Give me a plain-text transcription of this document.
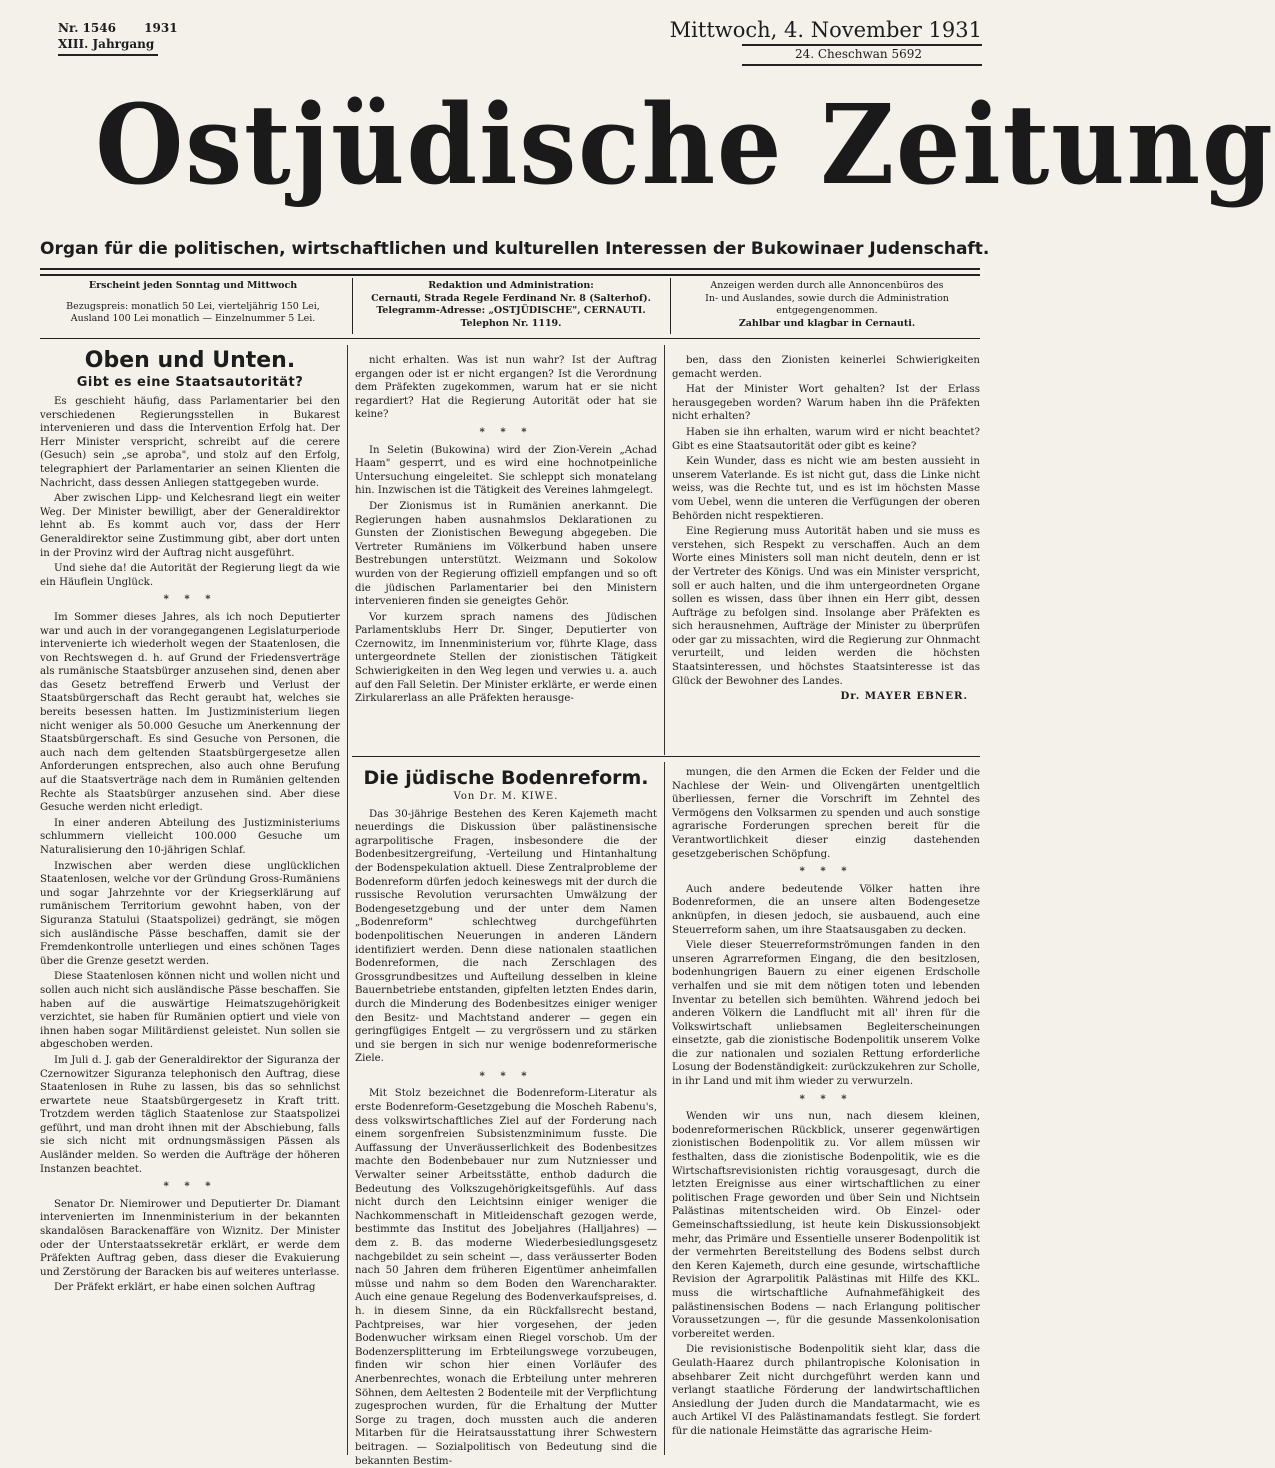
Nr. 1546 1931
XIII. Jahrgang
Mittwoch, 4. November 1931
24. Cheschwan 5692
Ostjüdische Zeitung
Organ für die politischen, wirtschaftlichen und kulturellen Interessen der Bukowinaer Judenschaft.
Erscheint jeden Sonntag und Mittwoch
Bezugspreis: monatlich 50 Lei, vierteljährig 150 Lei,
Ausland 100 Lei monatlich — Einzelnummer 5 Lei.
Redaktion und Administration:
Cernauti, Strada Regele Ferdinand Nr. 8 (Salterhof).
Telegramm-Adresse: „OSTJÜDISCHE", CERNAUTI.
Telephon Nr. 1119.
Anzeigen werden durch alle Annoncenbüros des
In- und Auslandes, sowie durch die Administration
entgegengenommen.
Zahlbar und klagbar in Cernauti.
Oben und Unten.
Gibt es eine Staatsautorität?

Es geschieht häufig, dass Parlamentarier bei den verschiedenen Regierungsstellen in Bukarest intervenieren und dass die Intervention Erfolg hat. Der Herr Minister verspricht, schreibt auf die cerere (Gesuch) sein „se aproba", und stolz auf den Erfolg, telegraphiert der Parlamentarier an seinen Klienten die Nachricht, dass dessen Anliegen stattgegeben wurde.

Aber zwischen Lipp- und Kelchesrand liegt ein weiter Weg. Der Minister bewilligt, aber der Generaldirektor lehnt ab. Es kommt auch vor, dass der Herr Generaldirektor seine Zustimmung gibt, aber dort unten in der Provinz wird der Auftrag nicht ausgeführt.

Und siehe da! die Autorität der Regierung liegt da wie ein Häuflein Unglück.

* * *

Im Sommer dieses Jahres, als ich noch Deputierter war und auch in der vorangegangenen Legislaturperiode intervenierte ich wiederholt wegen der Staatenlosen, die von Rechtswegen d. h. auf Grund der Friedensverträge als rumänische Staatsbürger anzusehen sind, denen aber das Gesetz betreffend Erwerb und Verlust der Staatsbürgerschaft das Recht geraubt hat, welches sie bereits besessen hatten. Im Justizministerium liegen nicht weniger als 50.000 Gesuche um Anerkennung der Staatsbürgerschaft. Es sind Gesuche von Personen, die auch nach dem geltenden Staatsbürgergesetze allen Anforderungen entsprechen, also auch ohne Berufung auf die Staatsverträge nach dem in Rumänien geltenden Rechte als Staatsbürger anzusehen sind. Aber diese Gesuche werden nicht erledigt.

In einer anderen Abteilung des Justizministeriums schlummern vielleicht 100.000 Gesuche um Naturalisierung den 10-jährigen Schlaf.

Inzwischen aber werden diese unglücklichen Staatenlosen, welche vor der Gründung Gross-Rumäniens und sogar Jahrzehnte vor der Kriegserklärung auf rumänischem Territorium gewohnt haben, von der Siguranza Statului (Staatspolizei) gedrängt, sie mögen sich ausländische Pässe beschaffen, damit sie der Fremdenkontrolle unterliegen und eines schönen Tages über die Grenze gesetzt werden.

Diese Staatenlosen können nicht und wollen nicht und sollen auch nicht sich ausländische Pässe beschaffen. Sie haben auf die auswärtige Heimatszugehörigkeit verzichtet, sie haben für Rumänien optiert und viele von ihnen haben sogar Militärdienst geleistet. Nun sollen sie abgeschoben werden.

Im Juli d. J. gab der Generaldirektor der Siguranza der Czernowitzer Siguranza telephonisch den Auftrag, diese Staatenlosen in Ruhe zu lassen, bis das so sehnlichst erwartete neue Staatsbürgergesetz in Kraft tritt. Trotzdem werden täglich Staatenlose zur Staatspolizei geführt, und man droht ihnen mit der Abschiebung, falls sie sich nicht mit ordnungsmässigen Pässen als Ausländer melden. So werden die Aufträge der höheren Instanzen beachtet.

* * *

Senator Dr. Niemirower und Deputierter Dr. Diamant intervenierten im Innenministerium in der bekannten skandalösen Barackenaffäre von Wiznitz. Der Minister oder der Unterstaatssekretär erklärt, er werde dem Präfekten Auftrag geben, dass dieser die Evakuierung und Zerstörung der Baracken bis auf weiteres unterlasse.

Der Präfekt erklärt, er habe einen solchen Auftrag

nicht erhalten. Was ist nun wahr? Ist der Auftrag ergangen oder ist er nicht ergangen? Ist die Verordnung dem Präfekten zugekommen, warum hat er sie nicht regardiert? Hat die Regierung Autorität oder hat sie keine?

* * *

In Seletin (Bukowina) wird der Zion-Verein „Achad Haam" gesperrt, und es wird eine hochnotpeinliche Untersuchung eingeleitet. Sie schleppt sich monatelang hin. Inzwischen ist die Tätigkeit des Vereines lahmgelegt.

Der Zionismus ist in Rumänien anerkannt. Die Regierungen haben ausnahmslos Deklarationen zu Gunsten der Zionistischen Bewegung abgegeben. Die Vertreter Rumäniens im Völkerbund haben unsere Bestrebungen unterstützt. Weizmann und Sokolow wurden von der Regierung offiziell empfangen und so oft die jüdischen Parlamentarier bei den Ministern intervenieren finden sie geneigtes Gehör.

Vor kurzem sprach namens des Jüdischen Parlamentsklubs Herr Dr. Singer, Deputierter von Czernowitz, im Innenministerium vor, führte Klage, dass untergeordnete Stellen der zionistischen Tätigkeit Schwierigkeiten in den Weg legen und verwies u. a. auch auf den Fall Seletin. Der Minister erklärte, er werde einen Zirkularerlass an alle Präfekten herausge-

ben, dass den Zionisten keinerlei Schwierigkeiten gemacht werden.

Hat der Minister Wort gehalten? Ist der Erlass herausgegeben worden? Warum haben ihn die Präfekten nicht erhalten?

Haben sie ihn erhalten, warum wird er nicht beachtet? Gibt es eine Staatsautorität oder gibt es keine?

Kein Wunder, dass es nicht wie am besten aussieht in unserem Vaterlande. Es ist nicht gut, dass die Linke nicht weiss, was die Rechte tut, und es ist im höchsten Masse vom Uebel, wenn die unteren die Verfügungen der oberen Behörden nicht respektieren.

Eine Regierung muss Autorität haben und sie muss es verstehen, sich Respekt zu verschaffen. Auch an dem Worte eines Ministers soll man nicht deuteln, denn er ist der Vertreter des Königs. Und was ein Minister verspricht, soll er auch halten, und die ihm untergeordneten Organe sollen es wissen, dass über ihnen ein Herr gibt, dessen Aufträge zu befolgen sind. Insolange aber Präfekten es sich herausnehmen, Aufträge der Minister zu überprüfen oder gar zu missachten, wird die Regierung zur Ohnmacht verurteilt, und leiden werden die höchsten Staatsinteressen, und höchstes Staatsinteresse ist das Glück der Bewohner des Landes.

Dr. MAYER EBNER.

Die jüdische Bodenreform.
Von Dr. M. KIWE.

Das 30-jährige Bestehen des Keren Kajemeth macht neuerdings die Diskussion über palästinensische agrarpolitische Fragen, insbesondere die der Bodenbesitzergreifung, -Verteilung und Hintanhaltung der Bodenspekulation aktuell. Diese Zentralprobleme der Bodenreform dürfen jedoch keineswegs mit der durch die russische Revolution verursachten Umwälzung der Bodengesetzgebung und der unter dem Namen „Bodenreform" schlechtweg durchgeführten bodenpolitischen Neuerungen in anderen Ländern identifiziert werden. Denn diese nationalen staatlichen Bodenreformen, die nach Zerschlagen des Grossgrundbesitzes und Aufteilung desselben in kleine Bauernbetriebe entstanden, gipfelten letzten Endes darin, durch die Minderung des Bodenbesitzes einiger weniger den Besitz- und Machtstand anderer — gegen ein geringfügiges Entgelt — zu vergrössern und zu stärken und sie bergen in sich nur wenige bodenreformerische Ziele.

* * *

Mit Stolz bezeichnet die Bodenreform-Literatur als erste Bodenreform-Gesetzgebung die Moscheh Rabenu's, dess volkswirtschaftliches Ziel auf der Forderung nach einem sorgenfreien Subsistenzminimum fusste. Die Auffassung der Unveräusserlichkeit des Bodenbesitzes machte den Bodenbebauer nur zum Nutzniesser und Verwalter seiner Arbeitsstätte, enthob dadurch die Bedeutung des Volkszugehörigkeitsgefühls. Auf dass nicht durch den Leichtsinn einiger weniger die Nachkommenschaft in Mitleidenschaft gezogen werde, bestimmte das Institut des Jobeljahres (Halljahres) — dem z. B. das moderne Wiederbesiedlungsgesetz nachgebildet zu sein scheint —, dass veräusserter Boden nach 50 Jahren dem früheren Eigentümer anheimfallen müsse und nahm so dem Boden den Warencharakter. Auch eine genaue Regelung des Bodenverkaufspreises, d. h. in diesem Sinne, da ein Rückfallsrecht bestand, Pachtpreises, war hier vorgesehen, der jeden Bodenwucher wirksam einen Riegel vorschob. Um der Bodenzersplitterung im Erbteilungswege vorzubeugen, finden wir schon hier einen Vorläufer des Anerbenrechtes, wonach die Erbteilung unter mehreren Söhnen, dem Aeltesten 2 Bodenteile mit der Verpflichtung zugesprochen wurden, für die Erhaltung der Mutter Sorge zu tragen, doch mussten auch die anderen Mitarben für die Heiratsausstattung ihrer Schwestern beitragen. — Sozialpolitisch von Bedeutung sind die bekannten Bestim-

mungen, die den Armen die Ecken der Felder und die Nachlese der Wein- und Olivengärten unentgeltlich überliessen, ferner die Vorschrift im Zehntel des Vermögens den Volksarmen zu spenden und auch sonstige agrarische Forderungen sprechen bereit für die Verantwortlichkeit dieser einzig dastehenden gesetzgeberischen Schöpfung.

* * *

Auch andere bedeutende Völker hatten ihre Bodenreformen, die an unsere alten Bodengesetze anknüpfen, in diesen jedoch, sie ausbauend, auch eine Steuerreform sahen, um ihre Staatsausgaben zu decken.

Viele dieser Steuerreformströmungen fanden in den unseren Agrarreformen Eingang, die den besitzlosen, bodenhungrigen Bauern zu einer eigenen Erdscholle verhalfen und sie mit dem nötigen toten und lebenden Inventar zu betellen sich bemühten. Während jedoch bei anderen Völkern die Landflucht mit all' ihren für die Volkswirtschaft unliebsamen Begleiterscheinungen einsetzte, gab die zionistische Bodenpolitik unserem Volke die zur nationalen und sozialen Rettung erforderliche Losung der Bodenständigkeit: zurückzukehren zur Scholle, in ihr Land und mit ihm wieder zu verwurzeln.

* * *

Wenden wir uns nun, nach diesem kleinen, bodenreformerischen Rückblick, unserer gegenwärtigen zionistischen Bodenpolitik zu. Vor allem müssen wir festhalten, dass die zionistische Bodenpolitik, wie es die Wirtschaftsrevisionisten richtig vorausgesagt, durch die letzten Ereignisse aus einer wirtschaftlichen zu einer politischen Frage geworden und über Sein und Nichtsein Palästinas mitentscheiden wird. Ob Einzel- oder Gemeinschaftssiedlung, ist heute kein Diskussionsobjekt mehr, das Primäre und Essentielle unserer Bodenpolitik ist der vermehrten Bereitstellung des Bodens selbst durch den Keren Kajemeth, durch eine gesunde, wirtschaftliche Revision der Agrarpolitik Palästinas mit Hilfe des KKL. muss die wirtschaftliche Aufnahmefähigkeit des palästinensischen Bodens — nach Erlangung politischer Voraussetzungen —, für die gesunde Massenkolonisation vorbereitet werden.

Die revisionistische Bodenpolitik sieht klar, dass die Geulath-Haarez durch philantropische Kolonisation in absehbarer Zeit nicht durchgeführt werden kann und verlangt staatliche Förderung der landwirtschaftlichen Ansiedlung der Juden durch die Mandatarmacht, wie es auch Artikel VI des Palästinamandats festlegt. Sie fordert für die nationale Heimstätte das agrarische Heim-
